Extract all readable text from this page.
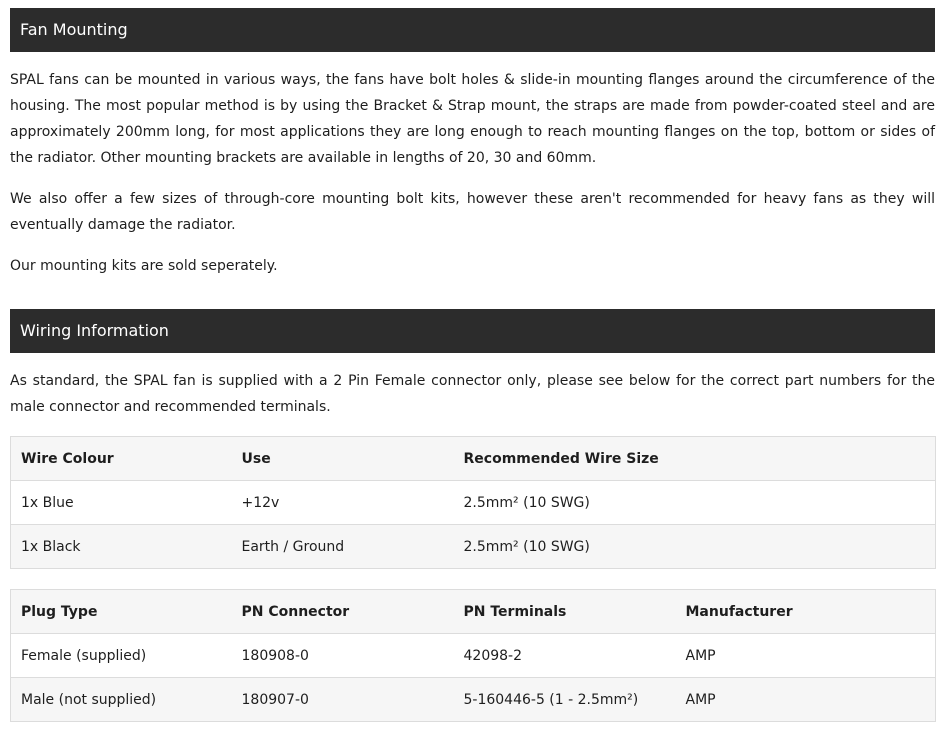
Fan Mounting

SPAL fans can be mounted in various ways, the fans have bolt holes & slide-in mounting flanges around the circumference of the housing. The most popular method is by using the Bracket & Strap mount, the straps are made from powder-coated steel and are approximately 200mm long, for most applications they are long enough to reach mounting flanges on the top, bottom or sides of the radiator. Other mounting brackets are available in lengths of 20, 30 and 60mm.

We also offer a few sizes of through-core mounting bolt kits, however these aren't recommended for heavy fans as they will eventually damage the radiator.

Our mounting kits are sold seperately.

Wiring Information

As standard, the SPAL fan is supplied with a 2 Pin Female connector only, please see below for the correct part numbers for the male connector and recommended terminals.

Wire Colour	Use	Recommended Wire Size	
1x Blue	+12v	2.5mm² (10 SWG)	
1x Black	Earth / Ground	2.5mm² (10 SWG)	
Plug Type	PN Connector	PN Terminals	Manufacturer
Female (supplied)	180908-0	42098-2	AMP
Male (not supplied)	180907-0	5-160446-5 (1 - 2.5mm²)	AMP
